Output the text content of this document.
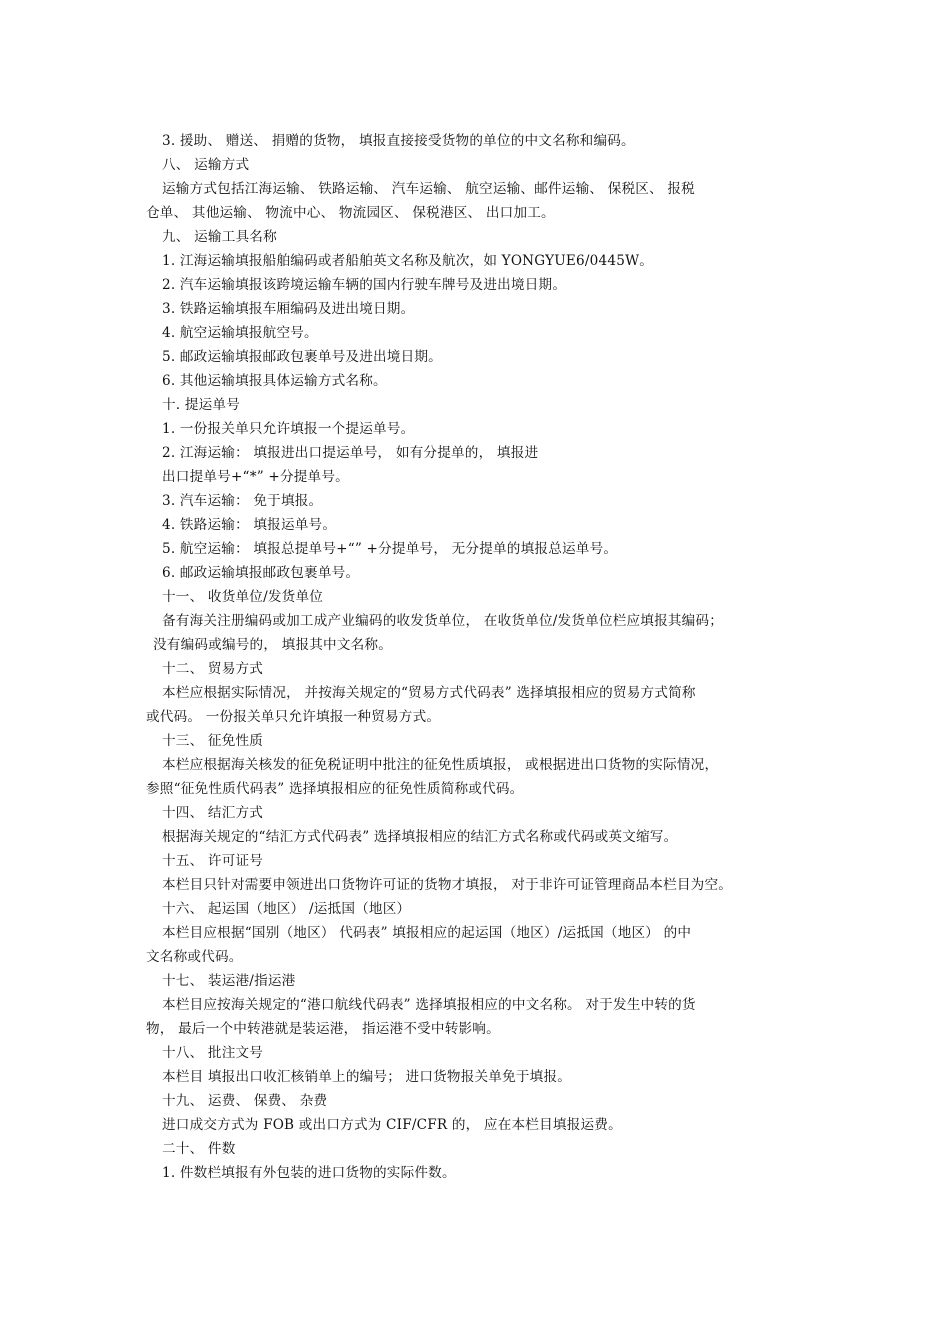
3. 援助、 赠送、 捐赠的货物， 填报直接接受货物的单位的中文名称和编码。
八、 运输方式
运输方式包括江海运输、 铁路运输、 汽车运输、 航空运输、邮件运输、 保税区、 报税
仓单、 其他运输、 物流中心、 物流园区、 保税港区、 出口加工。
九、 运输工具名称
1. 江海运输填报船舶编码或者船舶英文名称及航次，如 YONGYUE6/0445W。
2. 汽车运输填报该跨境运输车辆的国内行驶车牌号及进出境日期。
3. 铁路运输填报车厢编码及进出境日期。
4. 航空运输填报航空号。
5. 邮政运输填报邮政包裹单号及进出境日期。
6. 其他运输填报具体运输方式名称。
十. 提运单号
1. 一份报关单只允许填报一个提运单号。
2. 江海运输： 填报进出口提运单号， 如有分提单的， 填报进
出口提单号+“*” +分提单号。
3. 汽车运输： 免于填报。
4. 铁路运输： 填报运单号。
5. 航空运输： 填报总提单号+“” +分提单号， 无分提单的填报总运单号。
6. 邮政运输填报邮政包裹单号。
十一、 收货单位/发货单位
备有海关注册编码或加工成产业编码的收发货单位， 在收货单位/发货单位栏应填报其编码；
没有编码或编号的， 填报其中文名称。
十二、 贸易方式
本栏应根据实际情况， 并按海关规定的“贸易方式代码表” 选择填报相应的贸易方式简称
或代码。 一份报关单只允许填报一种贸易方式。
十三、 征免性质
本栏应根据海关核发的征免税证明中批注的征免性质填报， 或根据进出口货物的实际情况，
参照“征免性质代码表” 选择填报相应的征免性质简称或代码。
十四、 结汇方式
根据海关规定的“结汇方式代码表” 选择填报相应的结汇方式名称或代码或英文缩写。
十五、 许可证号
本栏目只针对需要申领进出口货物许可证的货物才填报， 对于非许可证管理商品本栏目为空。
十六、 起运国（地区） /运抵国（地区）
本栏目应根据“国别（地区） 代码表” 填报相应的起运国（地区）/运抵国（地区） 的中
文名称或代码。
十七、 装运港/指运港
本栏目应按海关规定的“港口航线代码表” 选择填报相应的中文名称。 对于发生中转的货
物， 最后一个中转港就是装运港， 指运港不受中转影响。
十八、 批注文号
本栏目 填报出口收汇核销单上的编号； 进口货物报关单免于填报。
十九、 运费、 保费、 杂费
进口成交方式为 FOB 或出口方式为 CIF/CFR 的， 应在本栏目填报运费。
二十、 件数
1. 件数栏填报有外包装的进口货物的实际件数。
